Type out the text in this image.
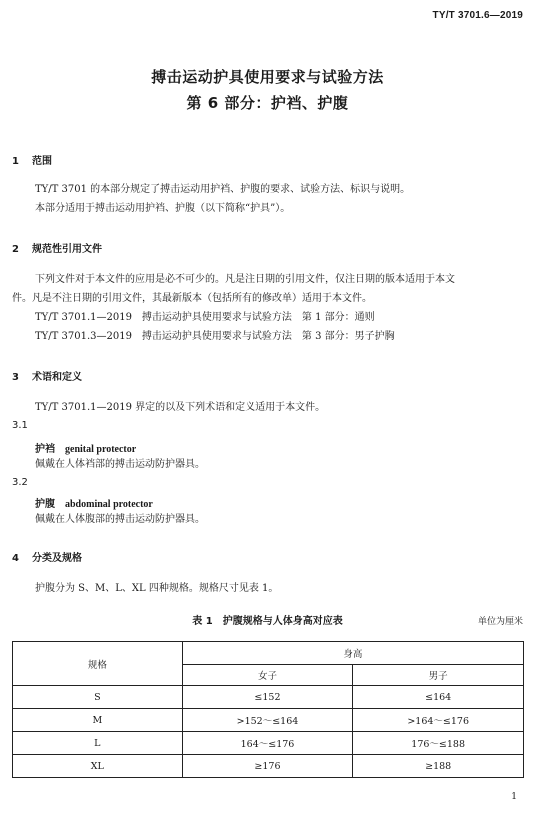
TY/T 3701.6—2019
搏击运动护具使用要求与试验方法
第 6 部分：护裆、护腹
1 范围
TY/T 3701 的本部分规定了搏击运动用护裆、护腹的要求、试验方法、标识与说明。
本部分适用于搏击运动用护裆、护腹（以下简称“护具”）。
2 规范性引用文件
下列文件对于本文件的应用是必不可少的。凡是注日期的引用文件，仅注日期的版本适用于本文
件。凡是不注日期的引用文件，其最新版本（包括所有的修改单）适用于本文件。
TY/T 3701.1—2019　搏击运动护具使用要求与试验方法　第 1 部分：通则
TY/T 3701.3—2019　搏击运动护具使用要求与试验方法　第 3 部分：男子护胸
3 术语和定义
TY/T 3701.1—2019 界定的以及下列术语和定义适用于本文件。
3.1
护裆 genital protector
佩戴在人体裆部的搏击运动防护器具。
3.2
护腹 abdominal protector
佩戴在人体腹部的搏击运动防护器具。
4 分类及规格
护腹分为 S、M、L、XL 四种规格。规格尺寸见表 1。
表 1　护腹规格与人体身高对应表	单位为厘米
规格	身高	
	女子	男子
S	≤152	≤164
M	>152～≤164	>164～≤176
L	164～≤176	176～≤188
XL	≥176	≥188
1
